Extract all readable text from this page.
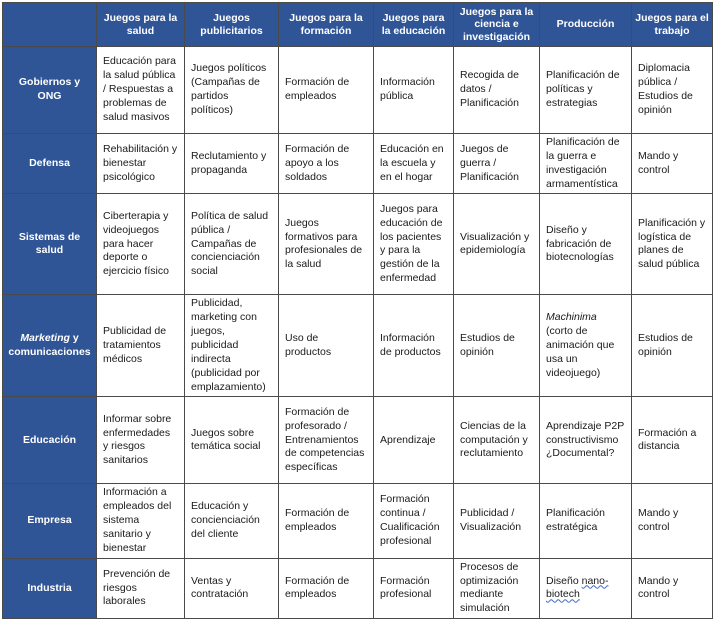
	Juegos para la salud	Juegos publicitarios	Juegos para la formación	Juegos para la educación	Juegos para la ciencia e investigación	Producción	Juegos para el trabajo
Gobiernos y ONG	Educación para la salud pública / Respuestas a problemas de salud masivos	Juegos políticos (Campañas de partidos políticos)	Formación de empleados	Información pública	Recogida de datos / Planificación	Planificación de políticas y estrategias	Diplomacia pública / Estudios de opinión
Defensa	Rehabilitación y bienestar psicológico	Reclutamiento y propaganda	Formación de apoyo a los soldados	Educación en la escuela y en el hogar	Juegos de guerra / Planificación	Planificación de la guerra e investigación armamentística	Mando y control
Sistemas de salud	Ciberterapia y videojuegos para hacer deporte o ejercicio físico	Política de salud pública / Campañas de concienciación social	Juegos formativos para profesionales de la salud	Juegos para educación de los pacientes y para la gestión de la enfermedad	Visualización y epidemiología	Diseño y fabricación de biotecnologías	Planificación y logística de planes de salud pública
Marketing y comunicaciones	Publicidad de tratamientos médicos	Publicidad, marketing con juegos, publicidad indirecta (publicidad por emplazamiento)	Uso de productos	Información de productos	Estudios de opinión	Machinima (corto de animación que usa un videojuego)	Estudios de opinión
Educación	Informar sobre enfermedades y riesgos sanitarios	Juegos sobre temática social	Formación de profesorado / Entrenamientos de competencias específicas	Aprendizaje	Ciencias de la computación y reclutamiento	Aprendizaje P2P constructivismo ¿Documental?	Formación a distancia
Empresa	Información a empleados del sistema sanitario y bienestar	Educación y concienciación del cliente	Formación de empleados	Formación continua / Cualificación profesional	Publicidad / Visualización	Planificación estratégica	Mando y control
Industria	Prevención de riesgos laborales	Ventas y contratación	Formación de empleados	Formación profesional	Procesos de optimización mediante simulación	Diseño nano-biotech	Mando y control
